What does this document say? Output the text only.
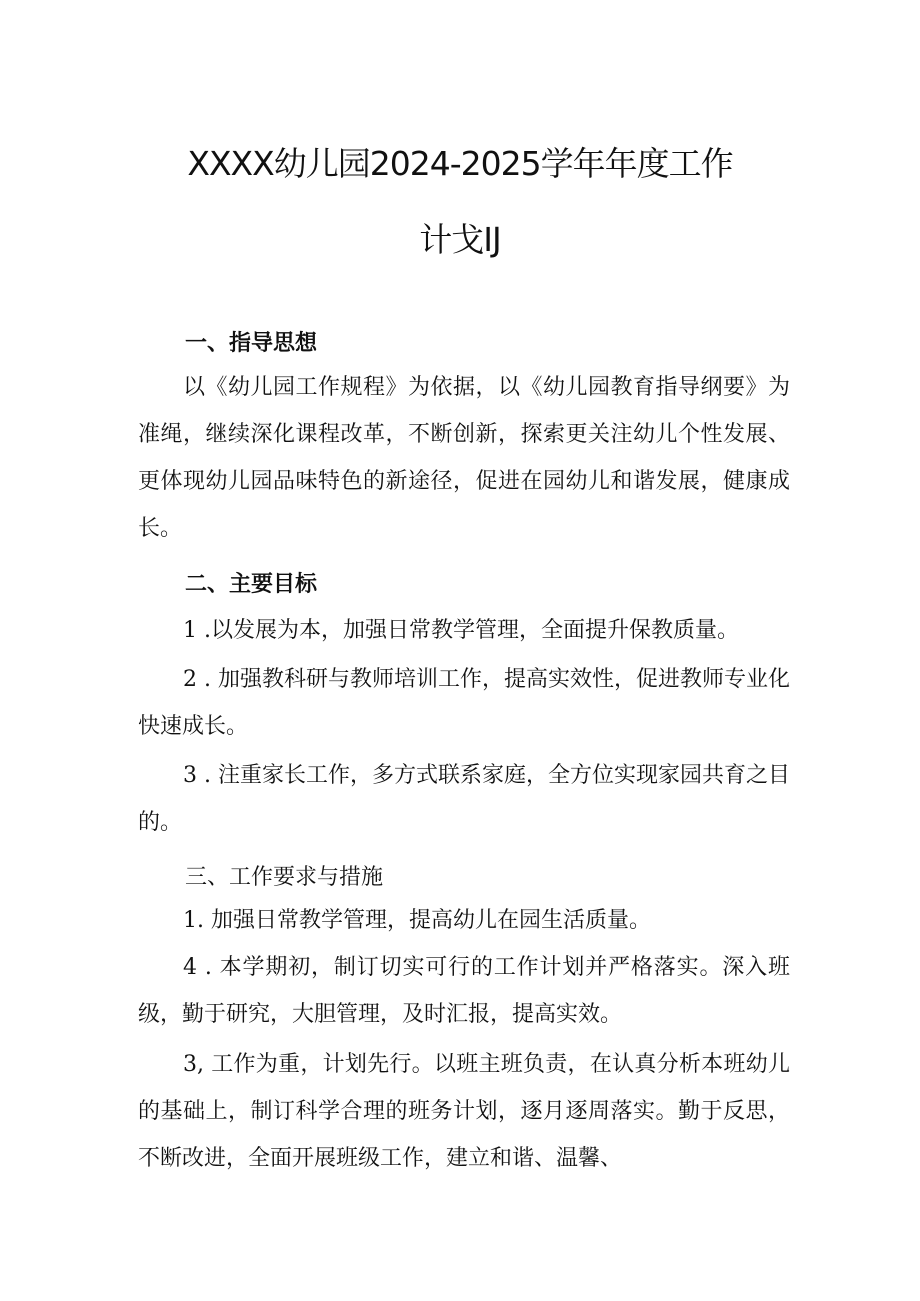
XXXX幼儿园2024-2025学年年度工作
计戈IJ
一、指导思想

以《幼儿园工作规程》为依据，以《幼儿园教育指导纲要》为准绳，继续深化课程改革，不断创新，探索更关注幼儿个性发展、更体现幼儿园品味特色的新途径，促进在园幼儿和谐发展，健康成长。

二、主要目标

1 .以发展为本，加强日常教学管理，全面提升保教质量。

2 . 加强教科研与教师培训工作，提高实效性，促进教师专业化快速成长。

3 . 注重家长工作，多方式联系家庭，全方位实现家园共育之目的。

三、工作要求与措施

1. 加强日常教学管理，提高幼儿在园生活质量。

4 . 本学期初，制订切实可行的工作计划并严格落实。深入班级，勤于研究，大胆管理，及时汇报，提高实效。

3, 工作为重，计划先行。以班主班负责，在认真分析本班幼儿的基础上，制订科学合理的班务计划，逐月逐周落实。勤于反思，不断改进，全面开展班级工作，建立和谐、温馨、
